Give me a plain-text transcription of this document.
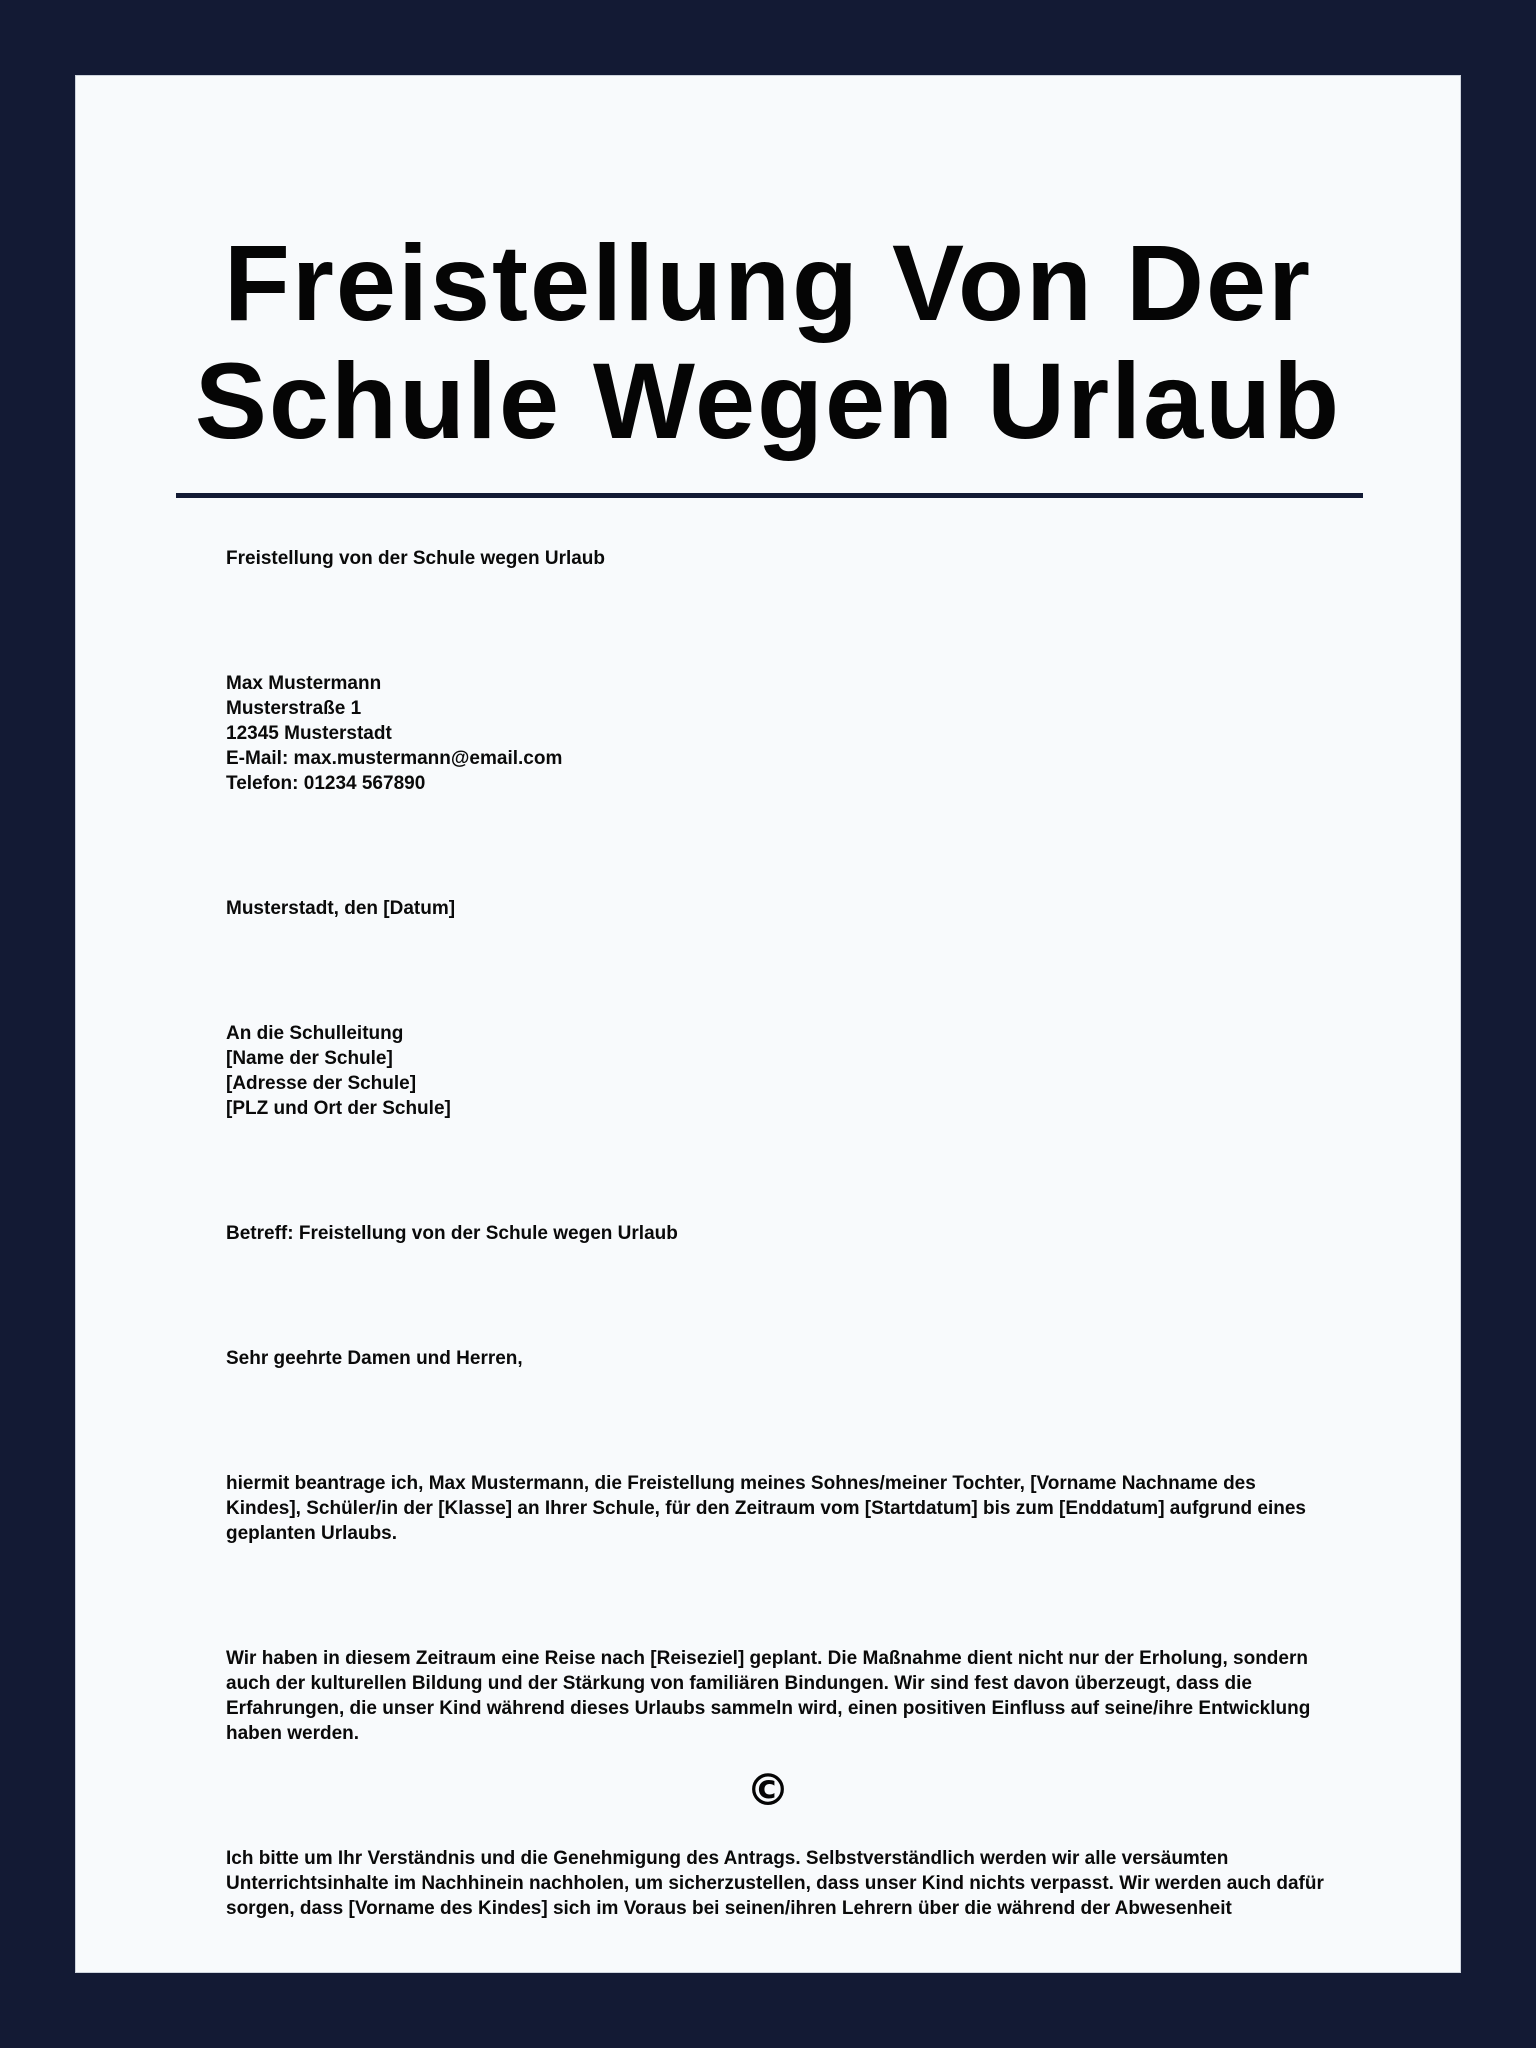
Freistellung Von Der Schule Wegen Urlaub

Freistellung von der Schule wegen Urlaub

Max Mustermann

Musterstraße 1

12345 Musterstadt

E-Mail: max.mustermann@email.com

Telefon: 01234 567890

Musterstadt, den [Datum]

An die Schulleitung

[Name der Schule]

[Adresse der Schule]

[PLZ und Ort der Schule]

Betreff: Freistellung von der Schule wegen Urlaub

Sehr geehrte Damen und Herren,

hiermit beantrage ich, Max Mustermann, die Freistellung meines Sohnes/meiner Tochter, [Vorname Nachname des Kindes], Schüler/in der [Klasse] an Ihrer Schule, für den Zeitraum vom [Startdatum] bis zum [Enddatum] aufgrund eines geplanten Urlaubs.

Wir haben in diesem Zeitraum eine Reise nach [Reiseziel] geplant. Die Maßnahme dient nicht nur der Erholung, sondern auch der kulturellen Bildung und der Stärkung von familiären Bindungen. Wir sind fest davon überzeugt, dass die Erfahrungen, die unser Kind während dieses Urlaubs sammeln wird, einen positiven Einfluss auf seine/ihre Entwicklung haben werden.

Ich bitte um Ihr Verständnis und die Genehmigung des Antrags. Selbstverständlich werden wir alle versäumten Unterrichtsinhalte im Nachhinein nachholen, um sicherzustellen, dass unser Kind nichts verpasst. Wir werden auch dafür sorgen, dass [Vorname des Kindes] sich im Voraus bei seinen/ihren Lehrern über die während der Abwesenheit

©
